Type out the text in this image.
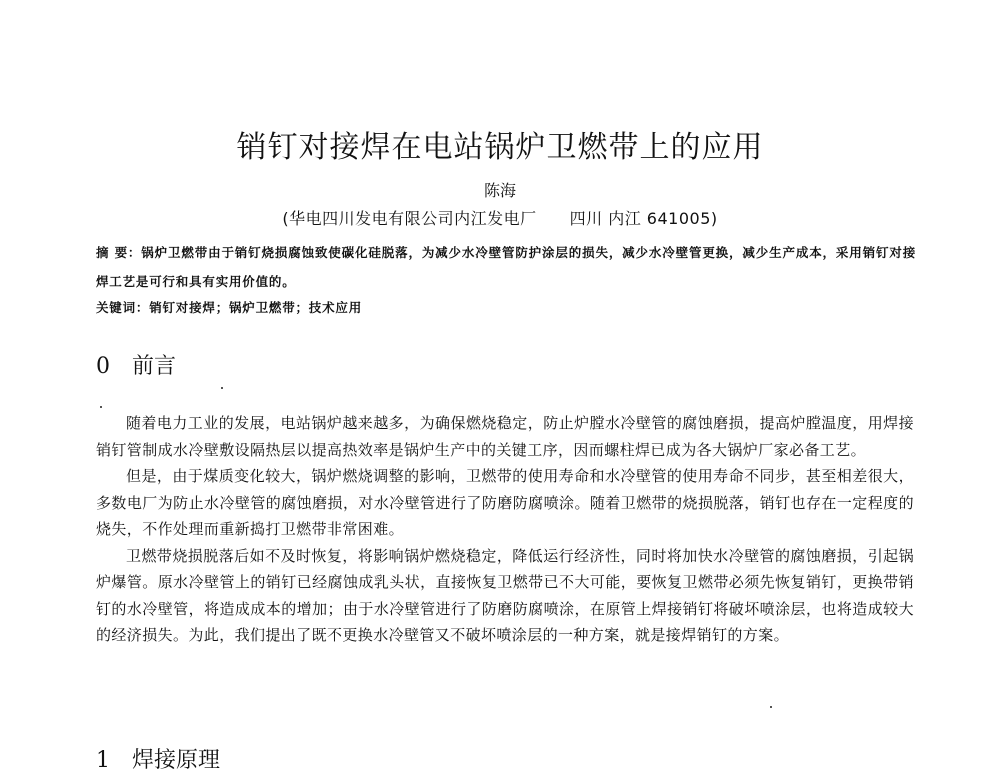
销钉对接焊在电站锅炉卫燃带上的应用
陈海
(华电四川发电有限公司内江发电厂　　四川 内江 641005)
摘 要：锅炉卫燃带由于销钉烧损腐蚀致使碳化硅脱落，为减少水冷壁管防护涂层的损失，减少水冷壁管更换，减少生产成本，采用销钉对接焊工艺是可行和具有实用价值的。
关键词：销钉对接焊；锅炉卫燃带；技术应用
0 前言

随着电力工业的发展，电站锅炉越来越多，为确保燃烧稳定，防止炉膛水冷壁管的腐蚀磨损，提高炉膛温度，用焊接销钉管制成水冷壁敷设隔热层以提高热效率是锅炉生产中的关键工序，因而螺柱焊已成为各大锅炉厂家必备工艺。

但是，由于煤质变化较大，锅炉燃烧调整的影响，卫燃带的使用寿命和水冷壁管的使用寿命不同步，甚至相差很大，多数电厂为防止水冷壁管的腐蚀磨损，对水冷壁管进行了防磨防腐喷涂。随着卫燃带的烧损脱落，销钉也存在一定程度的烧失，不作处理而重新捣打卫燃带非常困难。

卫燃带烧损脱落后如不及时恢复，将影响锅炉燃烧稳定，降低运行经济性，同时将加快水冷壁管的腐蚀磨损，引起锅炉爆管。原水冷壁管上的销钉已经腐蚀成乳头状，直接恢复卫燃带已不大可能，要恢复卫燃带必须先恢复销钉，更换带销钉的水冷壁管，将造成成本的增加；由于水冷壁管进行了防磨防腐喷涂，在原管上焊接销钉将破坏喷涂层，也将造成较大的经济损失。为此，我们提出了既不更换水冷壁管又不破坏喷涂层的一种方案，就是接焊销钉的方案。

1 焊接原理
